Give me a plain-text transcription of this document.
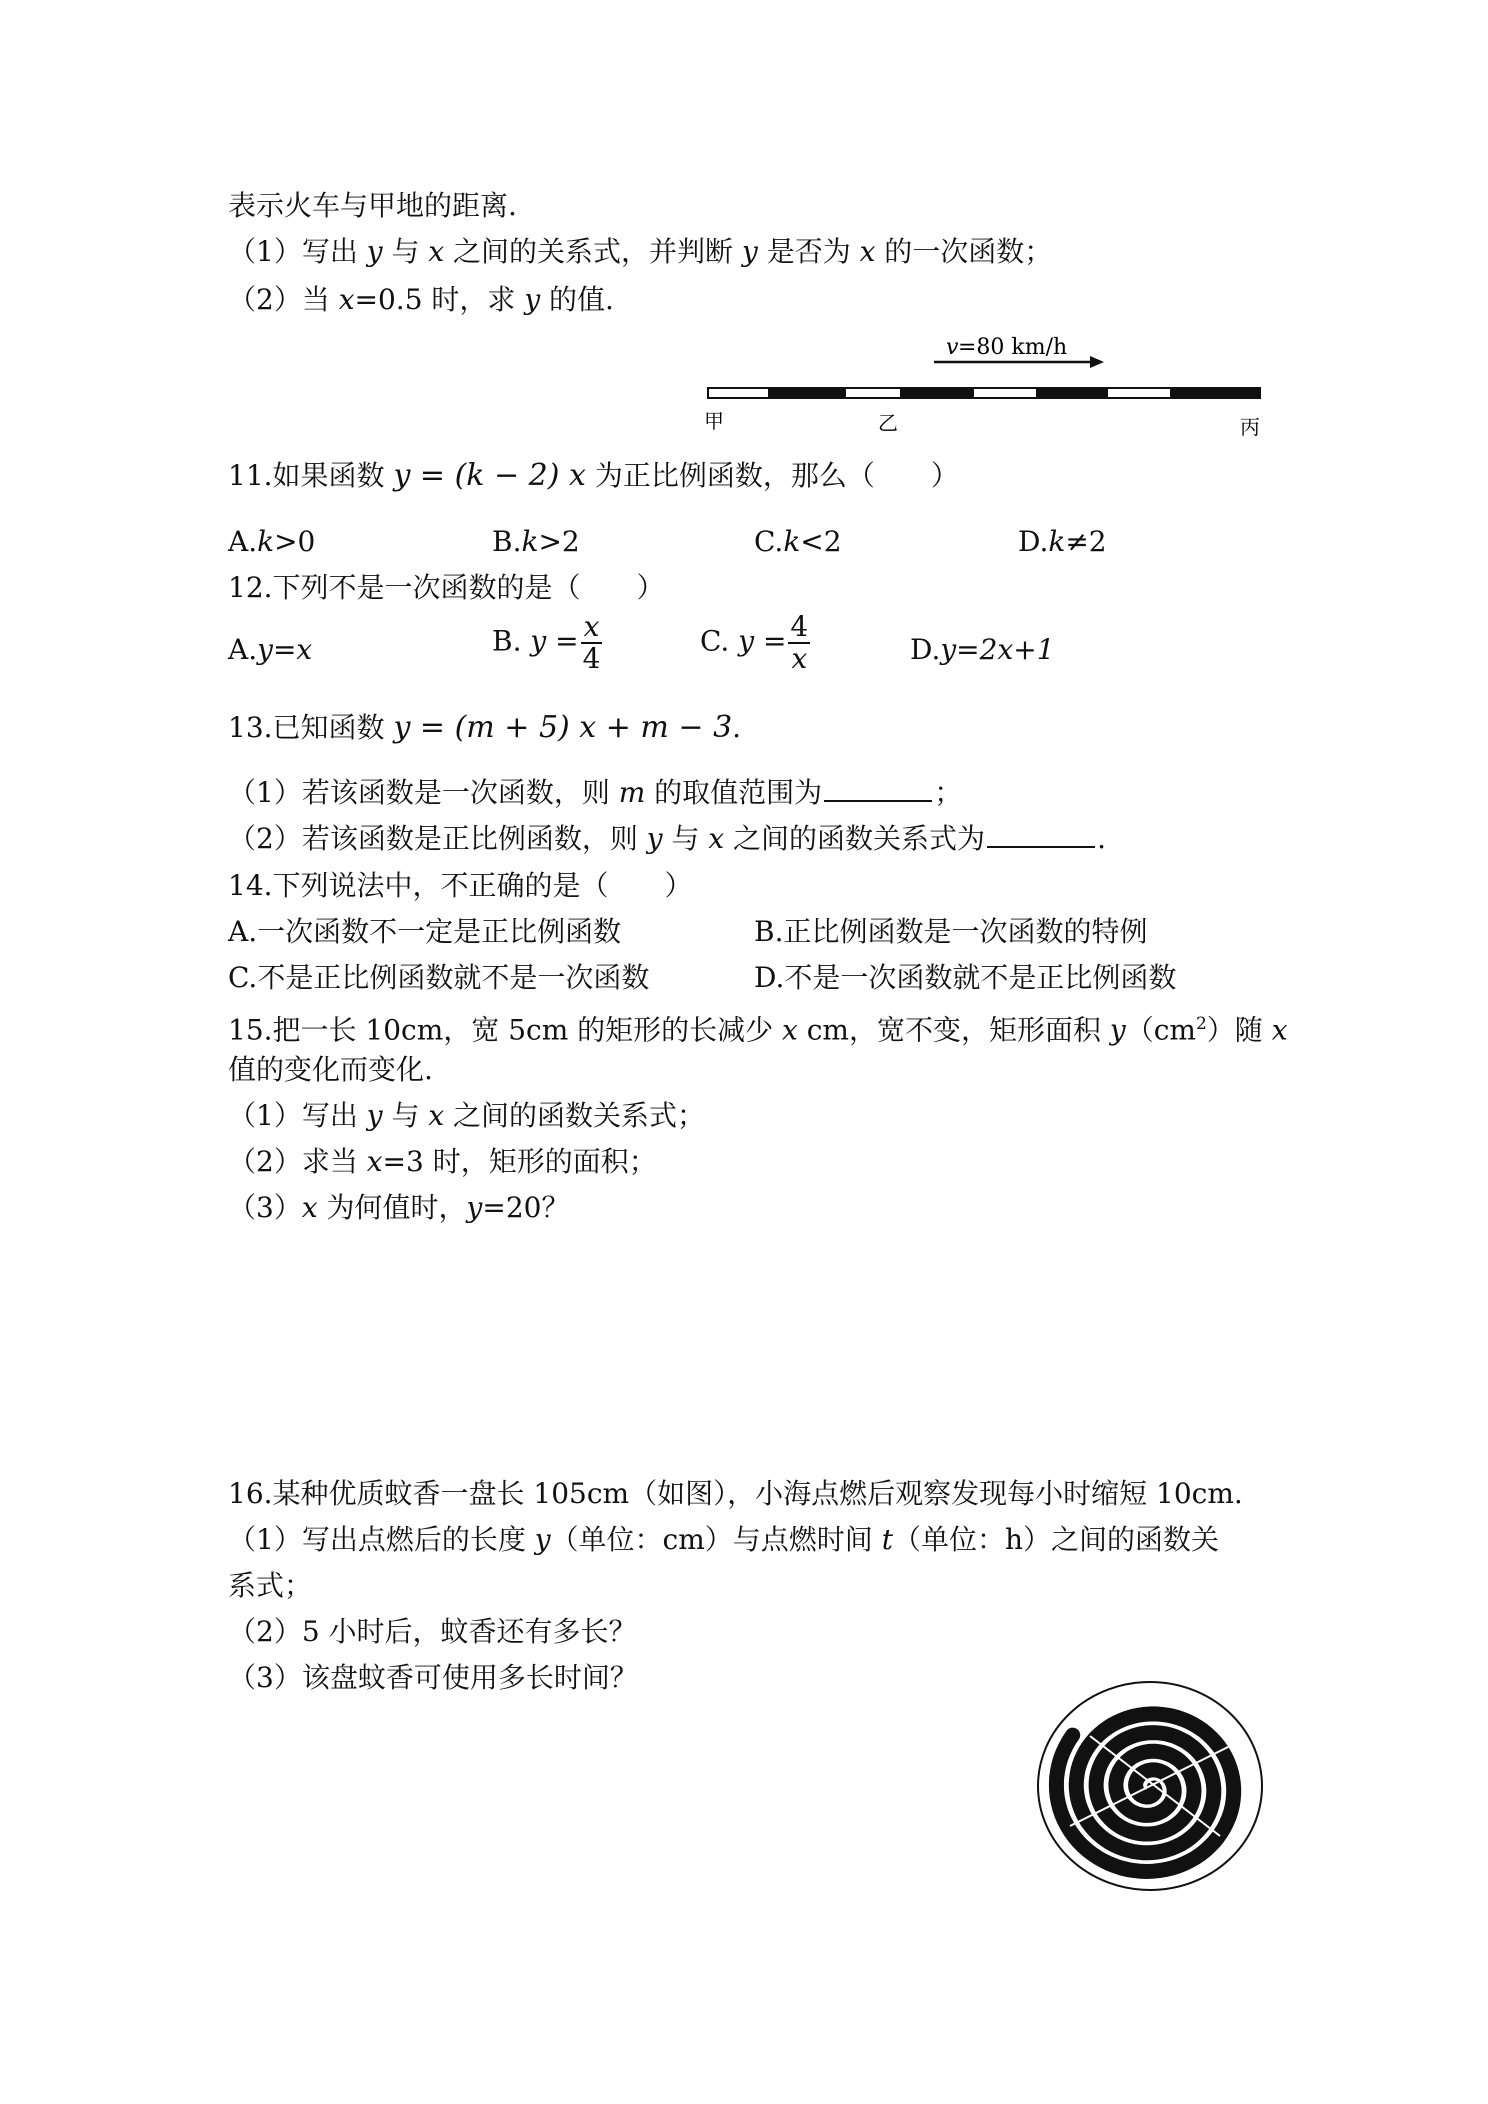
表示火车与甲地的距离.
（1）写出 y 与 x 之间的关系式，并判断 y 是否为 x 的一次函数；
（2）当 x=0.5 时，求 y 的值.
v =80 km/h
甲	乙	丙
11.如果函数 y = (k − 2) x 为正比例函数，那么（　　）
A.k>0	B.k>2	C.k<2	D.k≠2
12.下列不是一次函数的是（　　）
A.y=x	B. $y = \frac{x}{4}$	C. $y = \frac{4}{x}$	D.y=2x+1
13.已知函数 y = (m + 5) x + m − 3.
（1）若该函数是一次函数，则 m 的取值范围为	；
（2）若该函数是正比例函数，则 y 与 x 之间的函数关系式为	.
14.下列说法中，不正确的是（　　）
A.一次函数不一定是正比例函数	B.正比例函数是一次函数的特例
C.不是正比例函数就不是一次函数	D.不是一次函数就不是正比例函数
15.把一长 10cm，宽 5cm 的矩形的长减少 x cm，宽不变，矩形面积 $y(cm^2)$随 x
值的变化而变化.
（1）写出 y 与 x 之间的函数关系式；
（2）求当 x=3 时，矩形的面积；
（3）x 为何值时，y=20？
16.某种优质蚊香一盘长 105cm（如图），小海点燃后观察发现每小时缩短 10cm.
（1）写出点燃后的长度 y（单位：cm）与点燃时间 t（单位：h）之间的函数关
系式；
（2）5 小时后，蚊香还有多长？
（3）该盘蚊香可使用多长时间？
